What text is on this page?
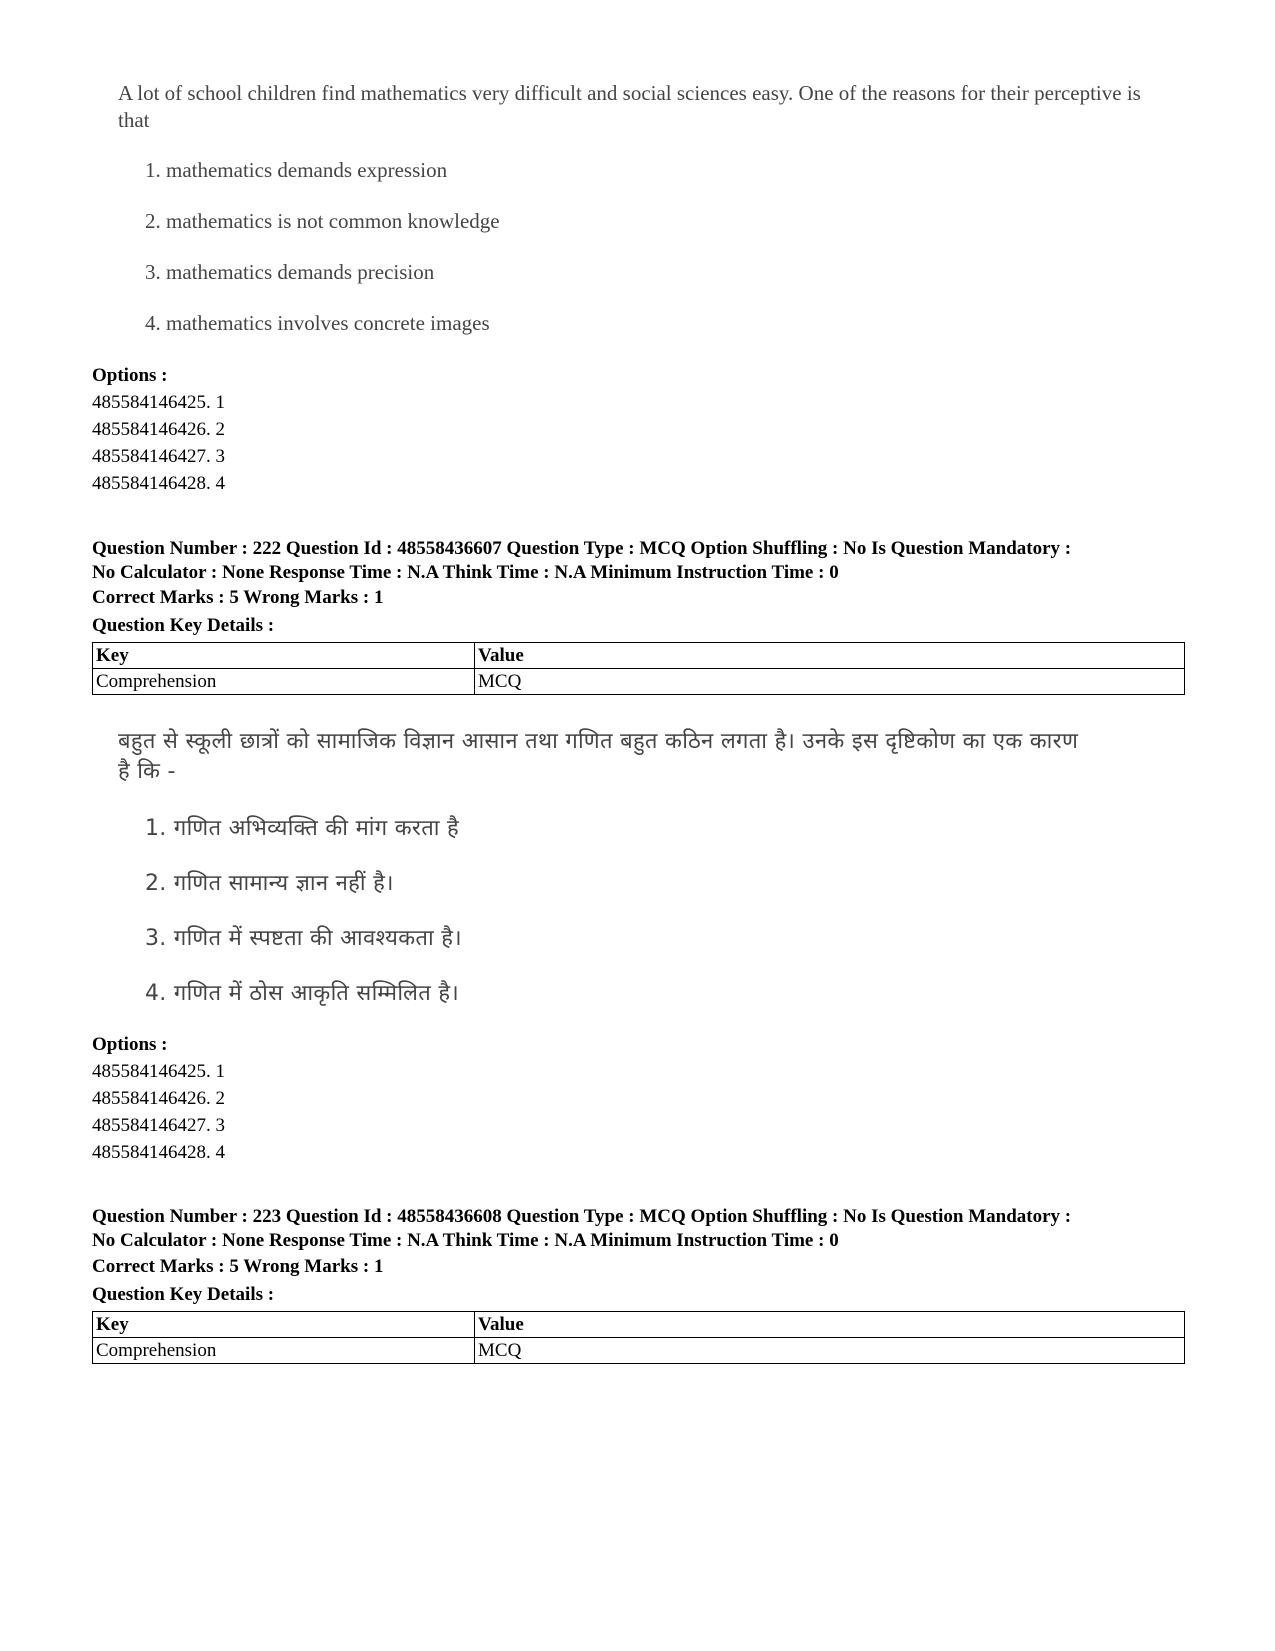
A lot of school children find mathematics very difficult and social sciences easy. One of the reasons for their perceptive is that
1. mathematics demands expression
2. mathematics is not common knowledge
3. mathematics demands precision
4. mathematics involves concrete images
Options :
485584146425. 1
485584146426. 2
485584146427. 3
485584146428. 4
Question Number : 222 Question Id : 48558436607 Question Type : MCQ Option Shuffling : No Is Question Mandatory :
No Calculator : None Response Time : N.A Think Time : N.A Minimum Instruction Time : 0
Correct Marks : 5 Wrong Marks : 1
Question Key Details :
Key	Value
Comprehension	MCQ
बहुत से स्कूली छात्रों को सामाजिक विज्ञान आसान तथा गणित बहुत कठिन लगता है। उनके इस दृष्टिकोण का एक कारण
है कि -
1. गणित अभिव्यक्ति की मांग करता है
2. गणित सामान्य ज्ञान नहीं है।
3. गणित में स्पष्टता की आवश्यकता है।
4. गणित में ठोस आकृति सम्मिलित है।
Options :
485584146425. 1
485584146426. 2
485584146427. 3
485584146428. 4
Question Number : 223 Question Id : 48558436608 Question Type : MCQ Option Shuffling : No Is Question Mandatory :
No Calculator : None Response Time : N.A Think Time : N.A Minimum Instruction Time : 0
Correct Marks : 5 Wrong Marks : 1
Question Key Details :
Key	Value
Comprehension	MCQ
